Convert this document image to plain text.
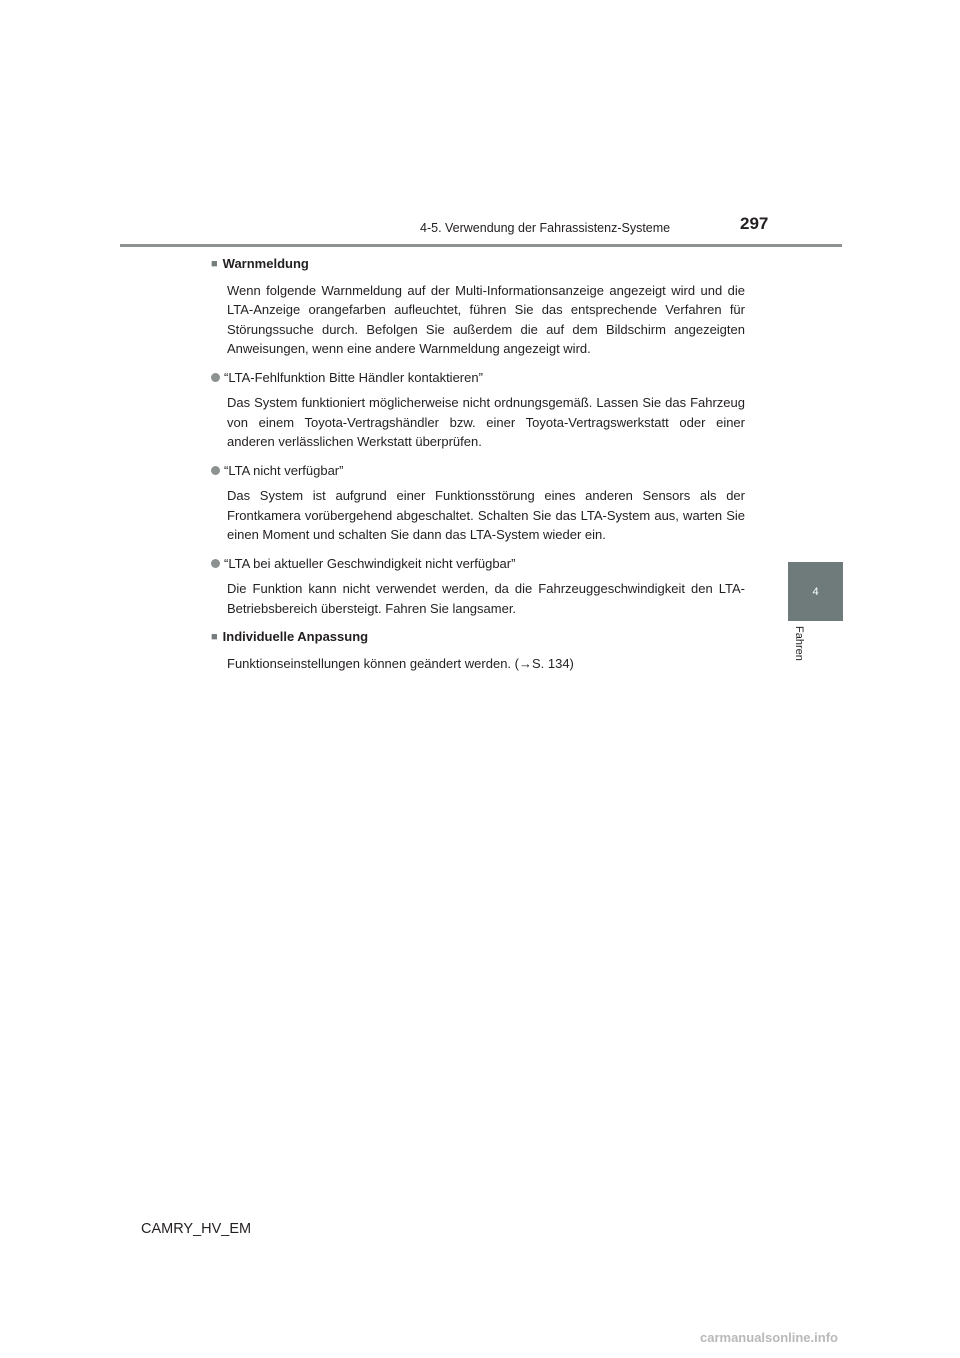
4-5. Verwendung der Fahrassistenz-Systeme	297
4
Fahren

■ Warnmeldung

Wenn folgende Warnmeldung auf der Multi-Informationsanzeige angezeigt wird und die LTA-Anzeige orangefarben aufleuchtet, führen Sie das entsprechende Verfahren für Störungssuche durch. Befolgen Sie außerdem die auf dem Bildschirm angezeigten Anweisungen, wenn eine andere Warnmeldung angezeigt wird.

“LTA-Fehlfunktion Bitte Händler kontaktieren”

Das System funktioniert möglicherweise nicht ordnungsgemäß. Lassen Sie das Fahrzeug von einem Toyota-Vertragshändler bzw. einer Toyota-Vertragswerkstatt oder einer anderen verlässlichen Werkstatt überprüfen.

“LTA nicht verfügbar”

Das System ist aufgrund einer Funktionsstörung eines anderen Sensors als der Frontkamera vorübergehend abgeschaltet. Schalten Sie das LTA-System aus, warten Sie einen Moment und schalten Sie dann das LTA-System wieder ein.

“LTA bei aktueller Geschwindigkeit nicht verfügbar”

Die Funktion kann nicht verwendet werden, da die Fahrzeuggeschwindigkeit den LTA-Betriebsbereich übersteigt. Fahren Sie langsamer.

■ Individuelle Anpassung

Funktionseinstellungen können geändert werden. (→S. 134)

CAMRY_HV_EM
carmanualsonline.info
